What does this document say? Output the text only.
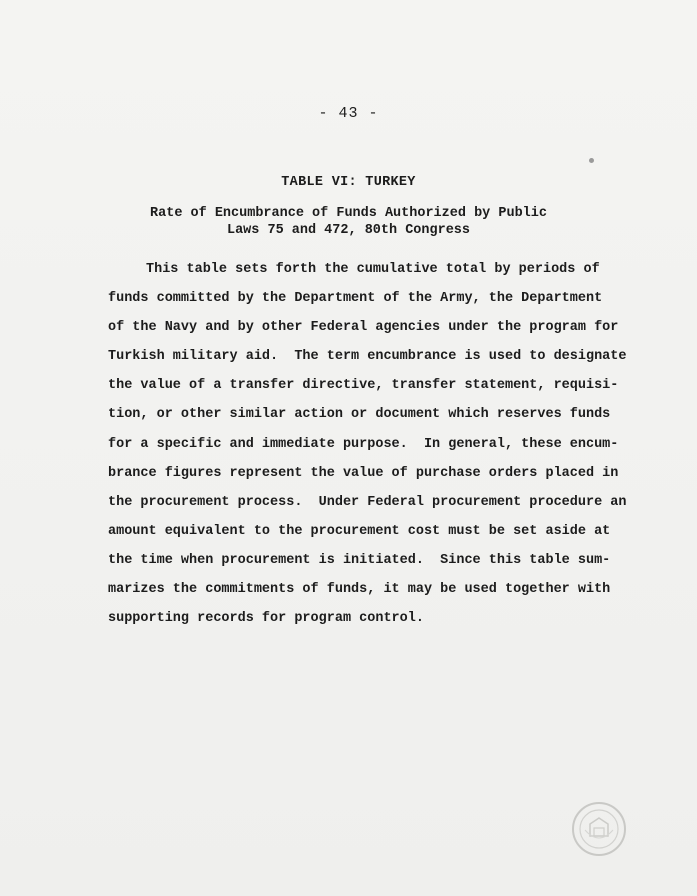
- 43 -
TABLE VI: TURKEY
Rate of Encumbrance of Funds Authorized by Public
Laws 75 and 472, 80th Congress
This table sets forth the cumulative total by periods of
funds committed by the Department of the Army, the Department
of the Navy and by other Federal agencies under the program for
Turkish military aid.  The term encumbrance is used to designate
the value of a transfer directive, transfer statement, requisi-
tion, or other similar action or document which reserves funds
for a specific and immediate purpose.  In general, these encum-
brance figures represent the value of purchase orders placed in
the procurement process.  Under Federal procurement procedure an
amount equivalent to the procurement cost must be set aside at
the time when procurement is initiated.  Since this table sum-
marizes the commitments of funds, it may be used together with
supporting records for program control.
